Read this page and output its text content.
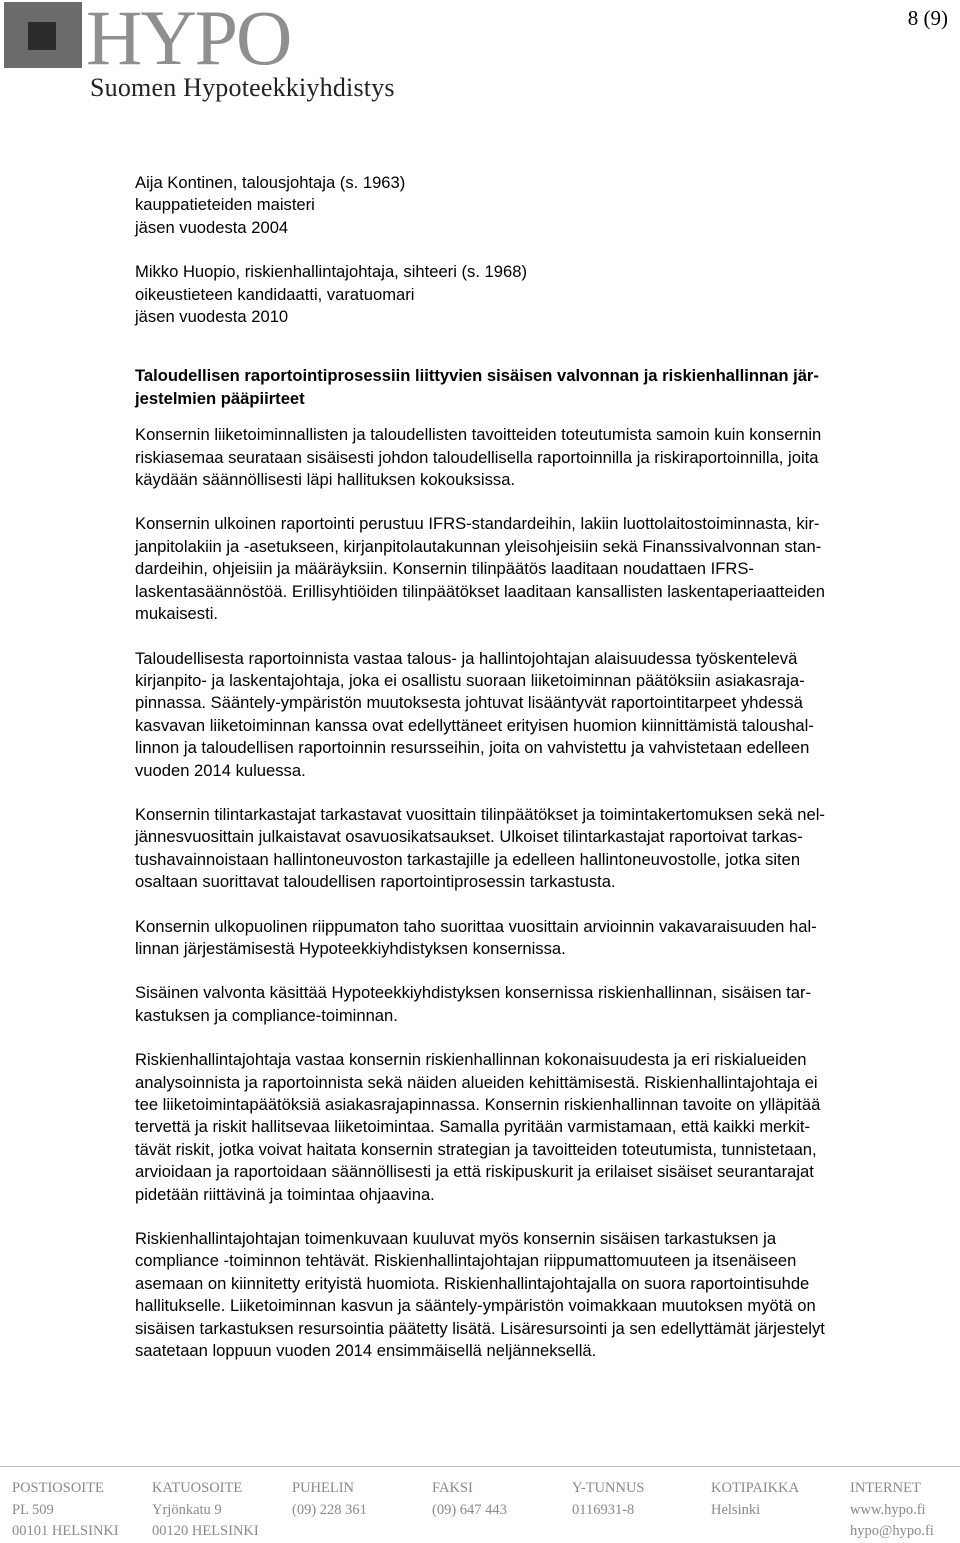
HYPO
Suomen Hypoteekkiyhdistys
8 (9)
Aija Kontinen, talousjohtaja (s. 1963)
kauppatieteiden maisteri
jäsen vuodesta 2004
Mikko Huopio, riskienhallintajohtaja, sihteeri (s. 1968)
oikeustieteen kandidaatti, varatuomari
jäsen vuodesta 2010
Taloudellisen raportointiprosessiin liittyvien sisäisen valvonnan ja riskienhallinnan jär-
jestelmien pääpiirteet
Konsernin liiketoiminnallisten ja taloudellisten tavoitteiden toteutumista samoin kuin konsernin
riskiasemaa seurataan sisäisesti johdon taloudellisella raportoinnilla ja riskiraportoinnilla, joita
käydään säännöllisesti läpi hallituksen kokouksissa.
Konsernin ulkoinen raportointi perustuu IFRS-standardeihin, lakiin luottolaitostoiminnasta, kir-
janpitolakiin ja -asetukseen, kirjanpitolautakunnan yleisohjeisiin sekä Finanssivalvonnan stan-
dardeihin, ohjeisiin ja määräyksiin. Konsernin tilinpäätös laaditaan noudattaen IFRS-
laskentasäännöstöä. Erillisyhtiöiden tilinpäätökset laaditaan kansallisten laskentaperiaatteiden
mukaisesti.
Taloudellisesta raportoinnista vastaa talous- ja hallintojohtajan alaisuudessa työskentelevä
kirjanpito- ja laskentajohtaja, joka ei osallistu suoraan liiketoiminnan päätöksiin asiakasraja-
pinnassa. Sääntely-ympäristön muutoksesta johtuvat lisääntyvät raportointitarpeet yhdessä
kasvavan liiketoiminnan kanssa ovat edellyttäneet erityisen huomion kiinnittämistä taloushal-
linnon ja taloudellisen raportoinnin resursseihin, joita on vahvistettu ja vahvistetaan edelleen
vuoden 2014 kuluessa.
Konsernin tilintarkastajat tarkastavat vuosittain tilinpäätökset ja toimintakertomuksen sekä nel-
jännesvuosittain julkaistavat osavuosikatsaukset. Ulkoiset tilintarkastajat raportoivat tarkas-
tushavainnoistaan hallintoneuvoston tarkastajille ja edelleen hallintoneuvostolle, jotka siten
osaltaan suorittavat taloudellisen raportointiprosessin tarkastusta.
Konsernin ulkopuolinen riippumaton taho suorittaa vuosittain arvioinnin vakavaraisuuden hal-
linnan järjestämisestä Hypoteekkiyhdistyksen konsernissa.
Sisäinen valvonta käsittää Hypoteekkiyhdistyksen konsernissa riskienhallinnan, sisäisen tar-
kastuksen ja compliance-toiminnan.
Riskienhallintajohtaja vastaa konsernin riskienhallinnan kokonaisuudesta ja eri riskialueiden
analysoinnista ja raportoinnista sekä näiden alueiden kehittämisestä. Riskienhallintajohtaja ei
tee liiketoimintapäätöksiä asiakasrajapinnassa. Konsernin riskienhallinnan tavoite on ylläpitää
tervettä ja riskit hallitsevaa liiketoimintaa. Samalla pyritään varmistamaan, että kaikki merkit-
tävät riskit, jotka voivat haitata konsernin strategian ja tavoitteiden toteutumista, tunnistetaan,
arvioidaan ja raportoidaan säännöllisesti ja että riskipuskurit ja erilaiset sisäiset seurantarajat
pidetään riittävinä ja toimintaa ohjaavina.
Riskienhallintajohtajan toimenkuvaan kuuluvat myös konsernin sisäisen tarkastuksen ja
compliance -toiminnon tehtävät. Riskienhallintajohtajan riippumattomuuteen ja itsenäiseen
asemaan on kiinnitetty erityistä huomiota. Riskienhallintajohtajalla on suora raportointisuhde
hallitukselle. Liiketoiminnan kasvun ja sääntely-ympäristön voimakkaan muutoksen myötä on
sisäisen tarkastuksen resursointia päätetty lisätä. Lisäresursointi ja sen edellyttämät järjestelyt
saatetaan loppuun vuoden 2014 ensimmäisellä neljänneksellä.
POSTIOSOITE
PL 509
00101 HELSINKI
KATUOSOITE
Yrjönkatu 9
00120 HELSINKI
PUHELIN
(09) 228 361
FAKSI
(09) 647 443
Y-TUNNUS
0116931-8
KOTIPAIKKA
Helsinki
INTERNET
www.hypo.fi
hypo@hypo.fi
